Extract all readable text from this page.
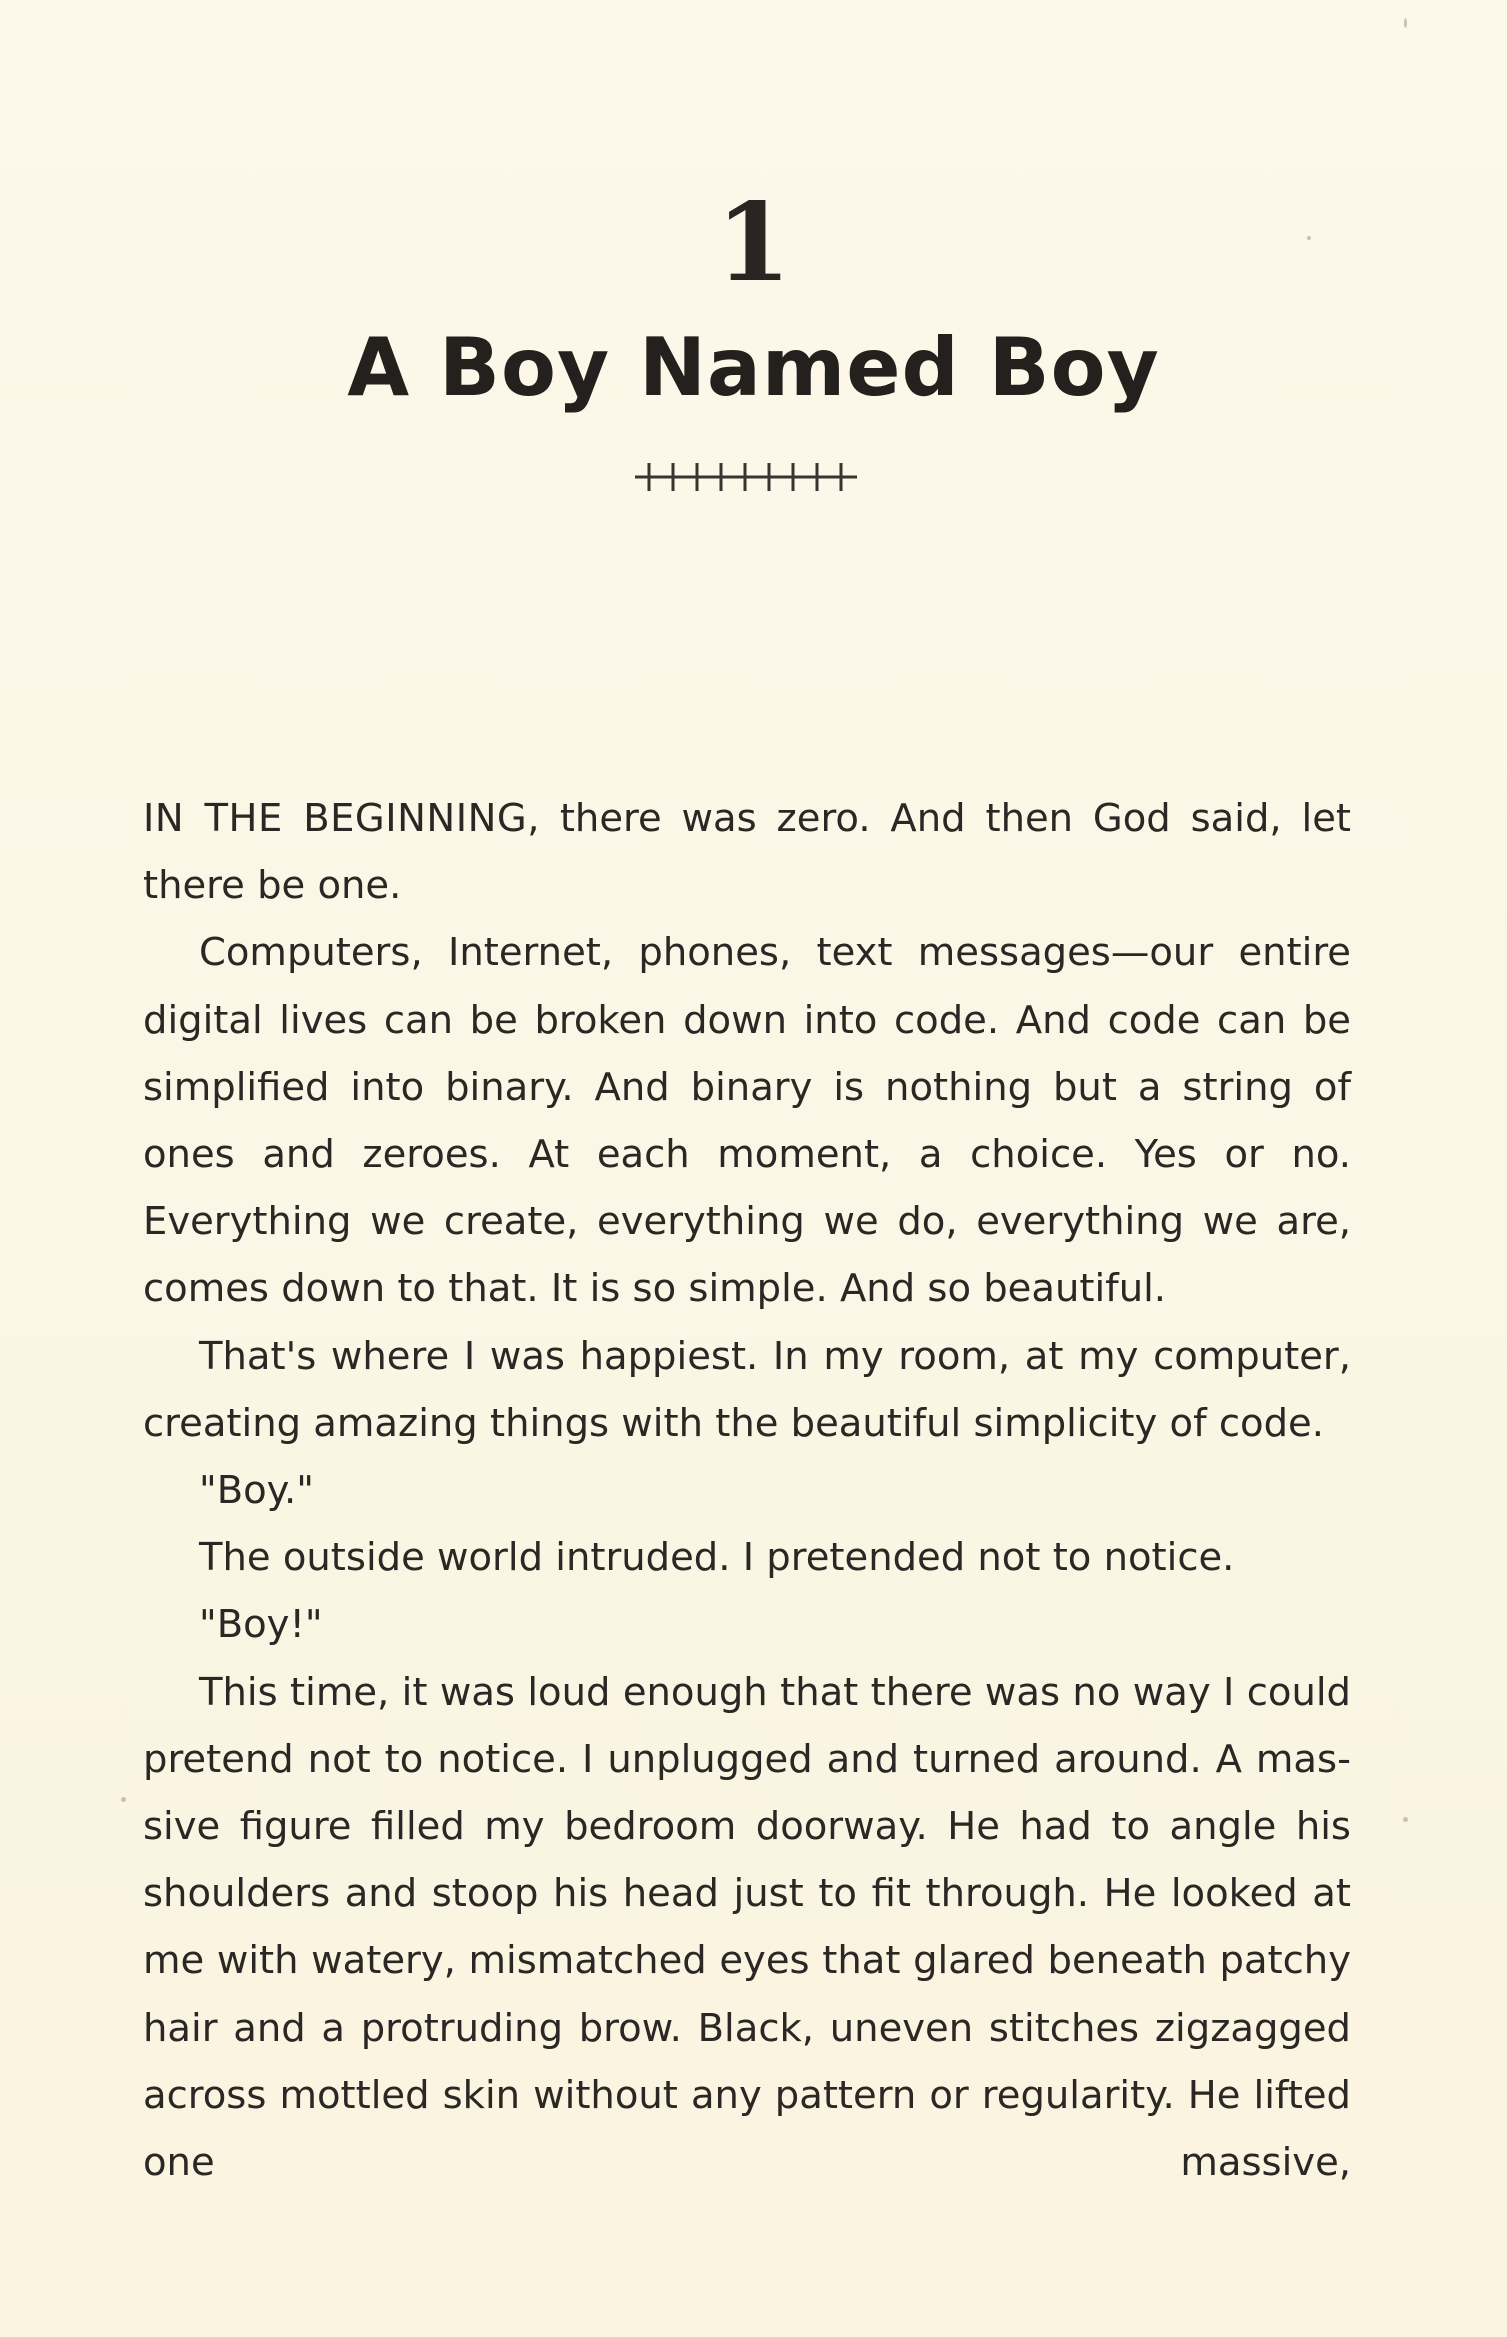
1
A Boy Named Boy

IN THE BEGINNING, there was zero. And then God said, let there be one.

Computers, Internet, phones, text messages—our entire digital lives can be broken down into code. And code can be simplified into binary. And binary is nothing but a string of ones and zeroes. At each moment, a choice. Yes or no. Everything we create, everything we do, everything we are, comes down to that. It is so simple. And so beautiful.

That's where I was happiest. In my room, at my computer, creating amazing things with the beautiful simplicity of code.

"Boy."

The outside world intruded. I pretended not to notice.

"Boy!"

This time, it was loud enough that there was no way I could pretend not to notice. I unplugged and turned around. A massive figure filled my bedroom doorway. He had to angle his shoulders and stoop his head just to fit through. He looked at me with watery, mismatched eyes that glared beneath patchy hair and a protruding brow. Black, uneven stitches zigzagged across mottled skin without any pattern or regularity. He lifted one massive,
